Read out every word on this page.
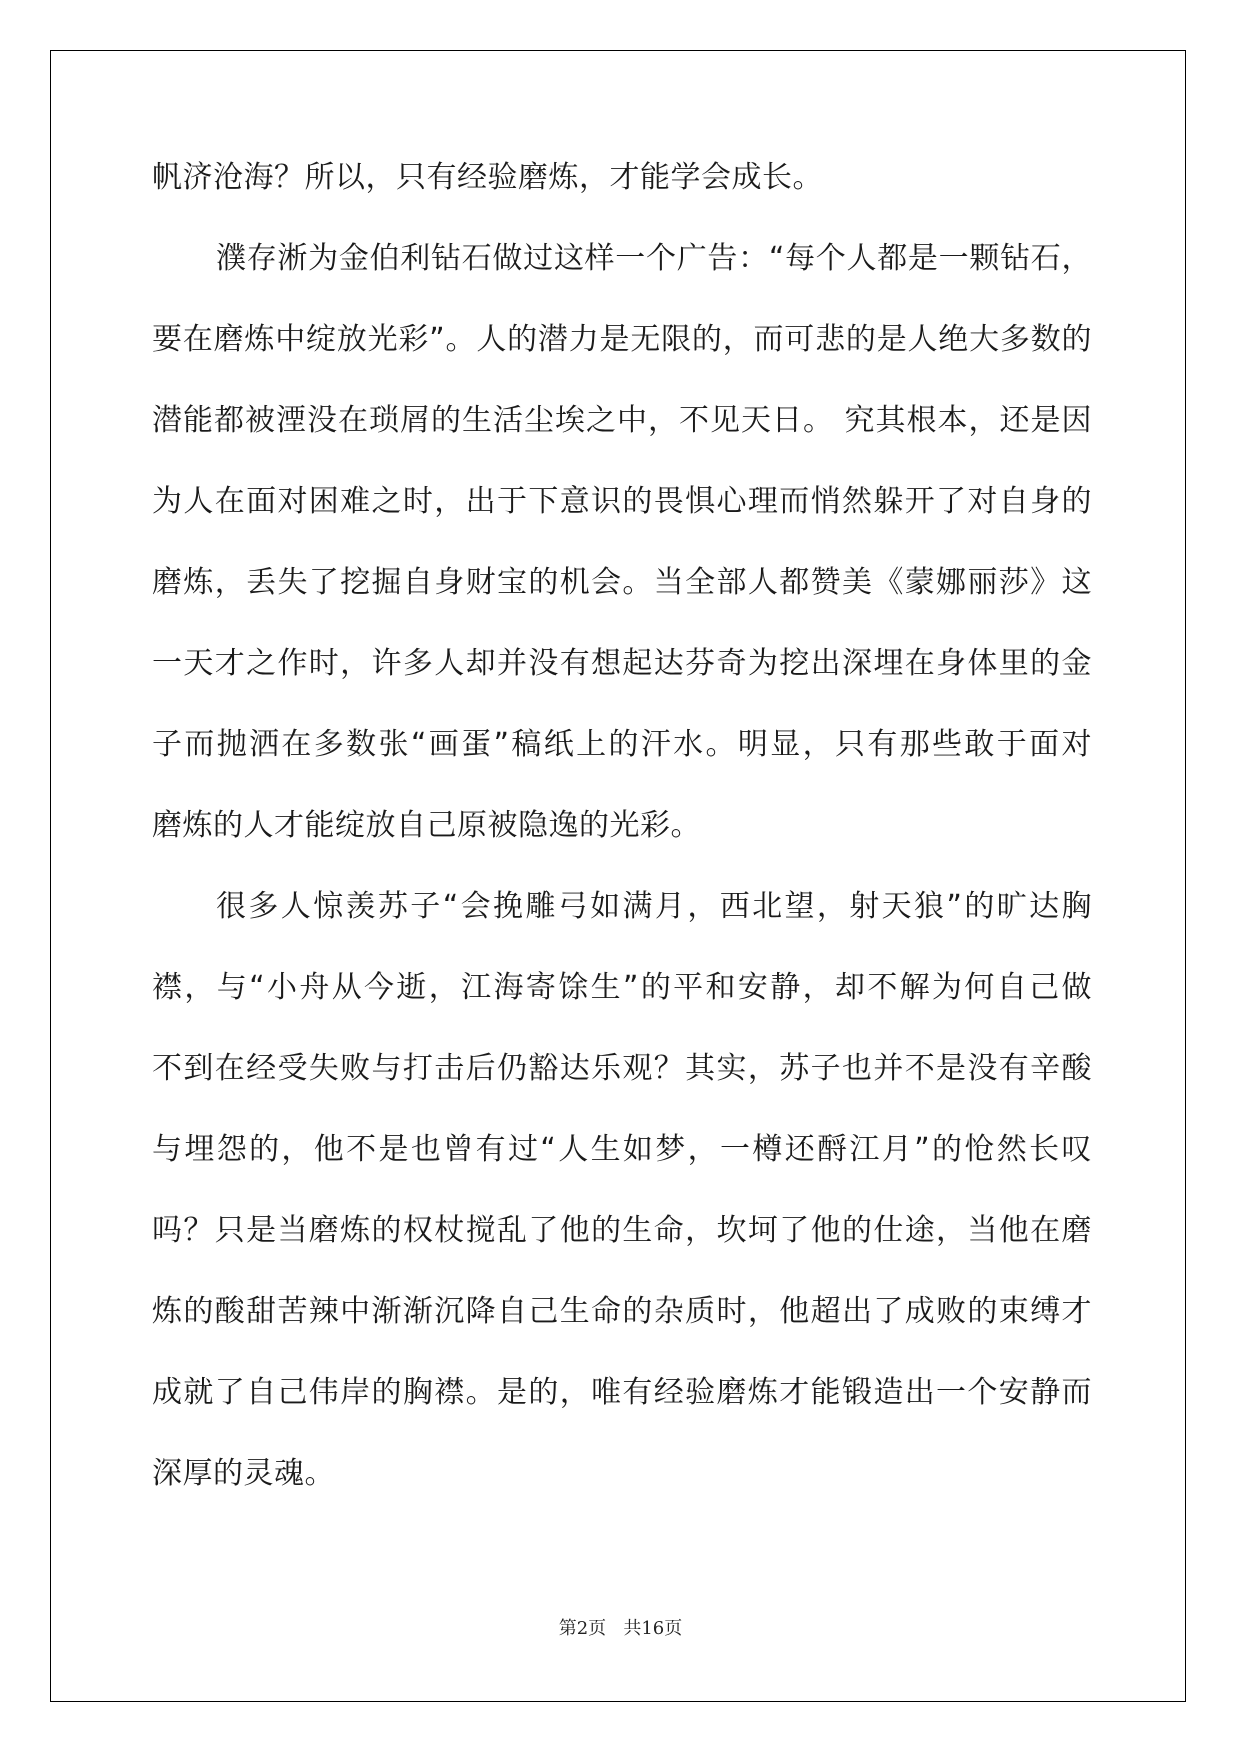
帆济沧海？所以，只有经验磨炼，才能学会成长。
濮存淅为金伯利钻石做过这样一个广告：“每个人都是一颗钻石，
要在磨炼中绽放光彩”。人的潜力是无限的，而可悲的是人绝大多数的
潜能都被湮没在琐屑的生活尘埃之中，不见天日。 究其根本，还是因
为人在面对困难之时，出于下意识的畏惧心理而悄然躲开了对自身的
磨炼，丢失了挖掘自身财宝的机会。当全部人都赞美《蒙娜丽莎》这
一天才之作时，许多人却并没有想起达芬奇为挖出深埋在身体里的金
子而抛洒在多数张“画蛋”稿纸上的汗水。明显，只有那些敢于面对
磨炼的人才能绽放自己原被隐逸的光彩。
很多人惊羡苏子“会挽雕弓如满月，西北望，射天狼”的旷达胸
襟，与“小舟从今逝，江海寄馀生”的平和安静，却不解为何自己做
不到在经受失败与打击后仍豁达乐观？其实，苏子也并不是没有辛酸
与埋怨的，他不是也曾有过“人生如梦，一樽还酹江月”的怆然长叹
吗？只是当磨炼的权杖搅乱了他的生命，坎坷了他的仕途，当他在磨
炼的酸甜苦辣中渐渐沉降自己生命的杂质时，他超出了成败的束缚才
成就了自己伟岸的胸襟。是的，唯有经验磨炼才能锻造出一个安静而
深厚的灵魂。
第2页   共16页
